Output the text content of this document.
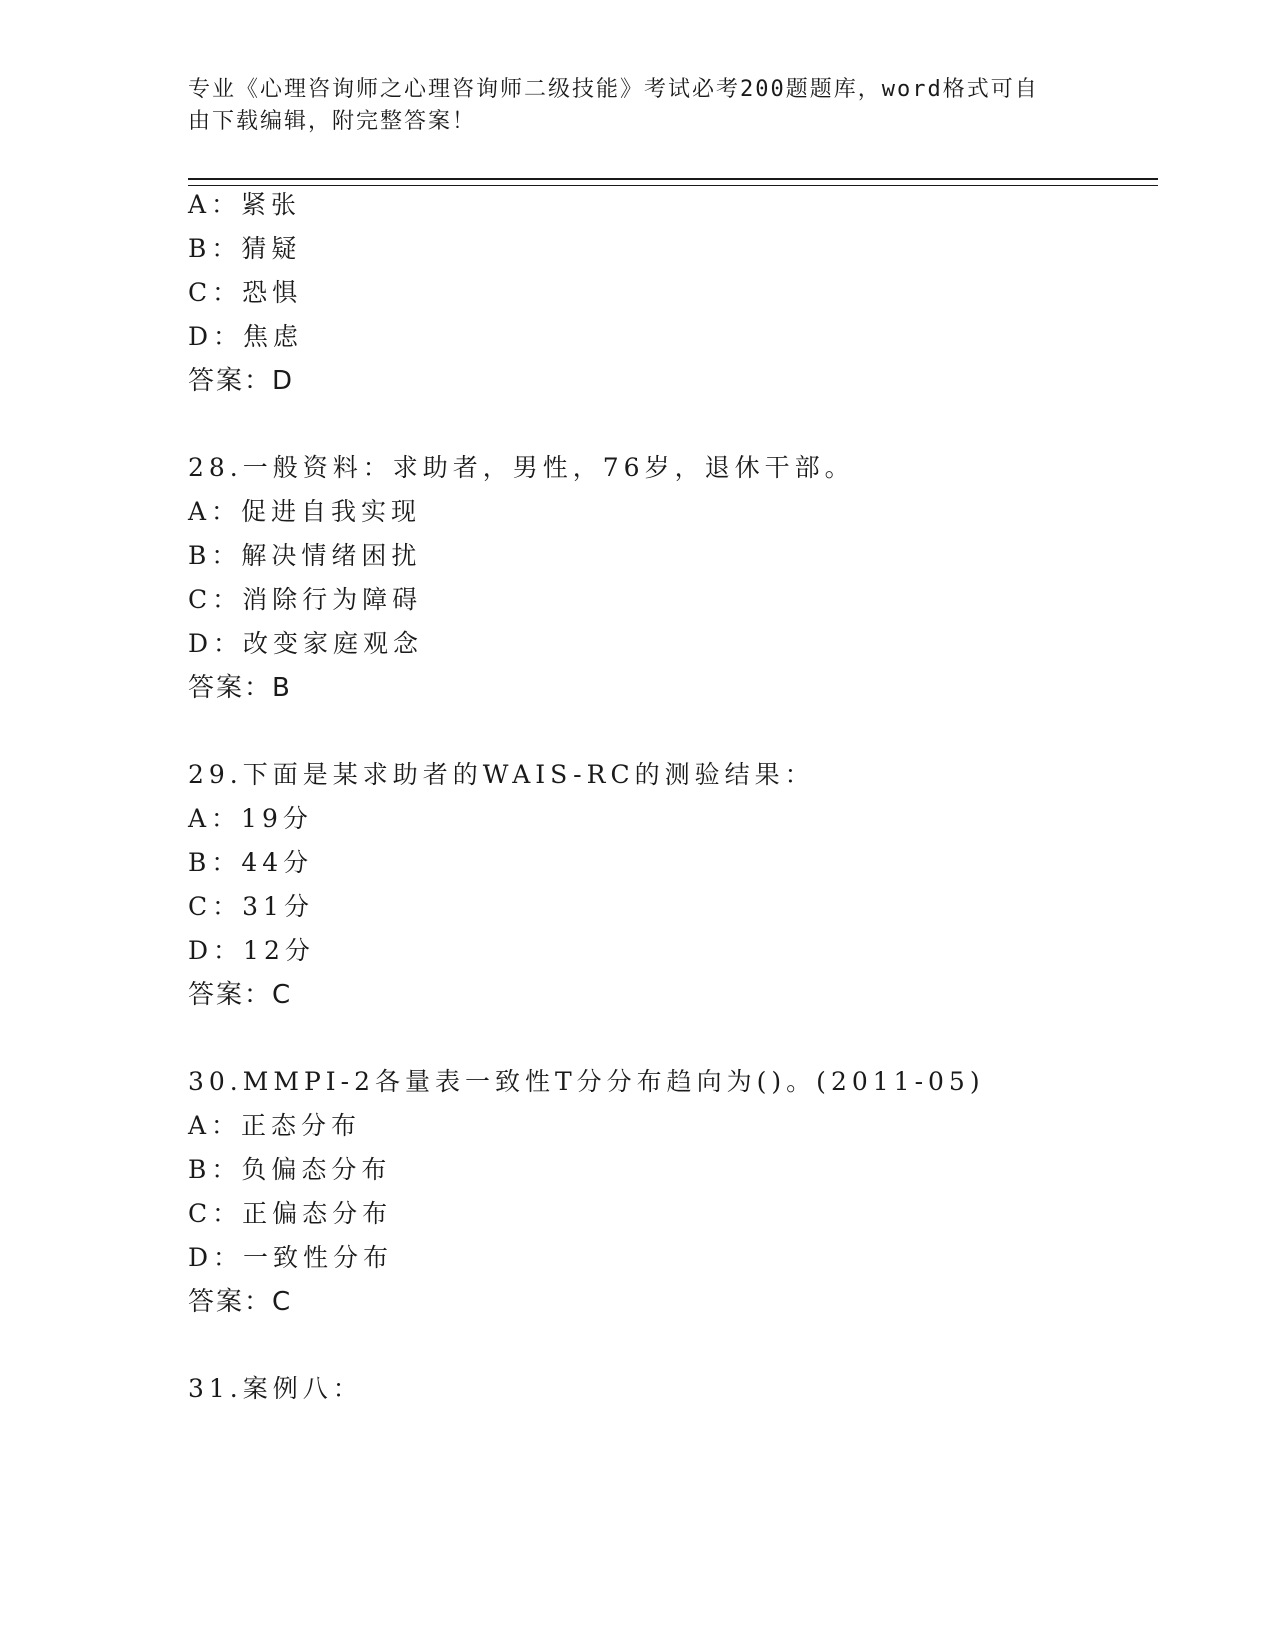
专业《心理咨询师之心理咨询师二级技能》考试必考200题题库，word格式可自
由下载编辑，附完整答案！
A：紧张
B：猜疑
C：恐惧
D：焦虑
答案：D
28.一般资料：求助者，男性，76岁，退休干部。
A：促进自我实现
B：解决情绪困扰
C：消除行为障碍
D：改变家庭观念
答案：B
29.下面是某求助者的WAIS-RC的测验结果：
A：19分
B：44分
C：31分
D：12分
答案：C
30.MMPI-2各量表一致性T分分布趋向为()。(2011-05)
A：正态分布
B：负偏态分布
C：正偏态分布
D：一致性分布
答案：C
31.案例八：
